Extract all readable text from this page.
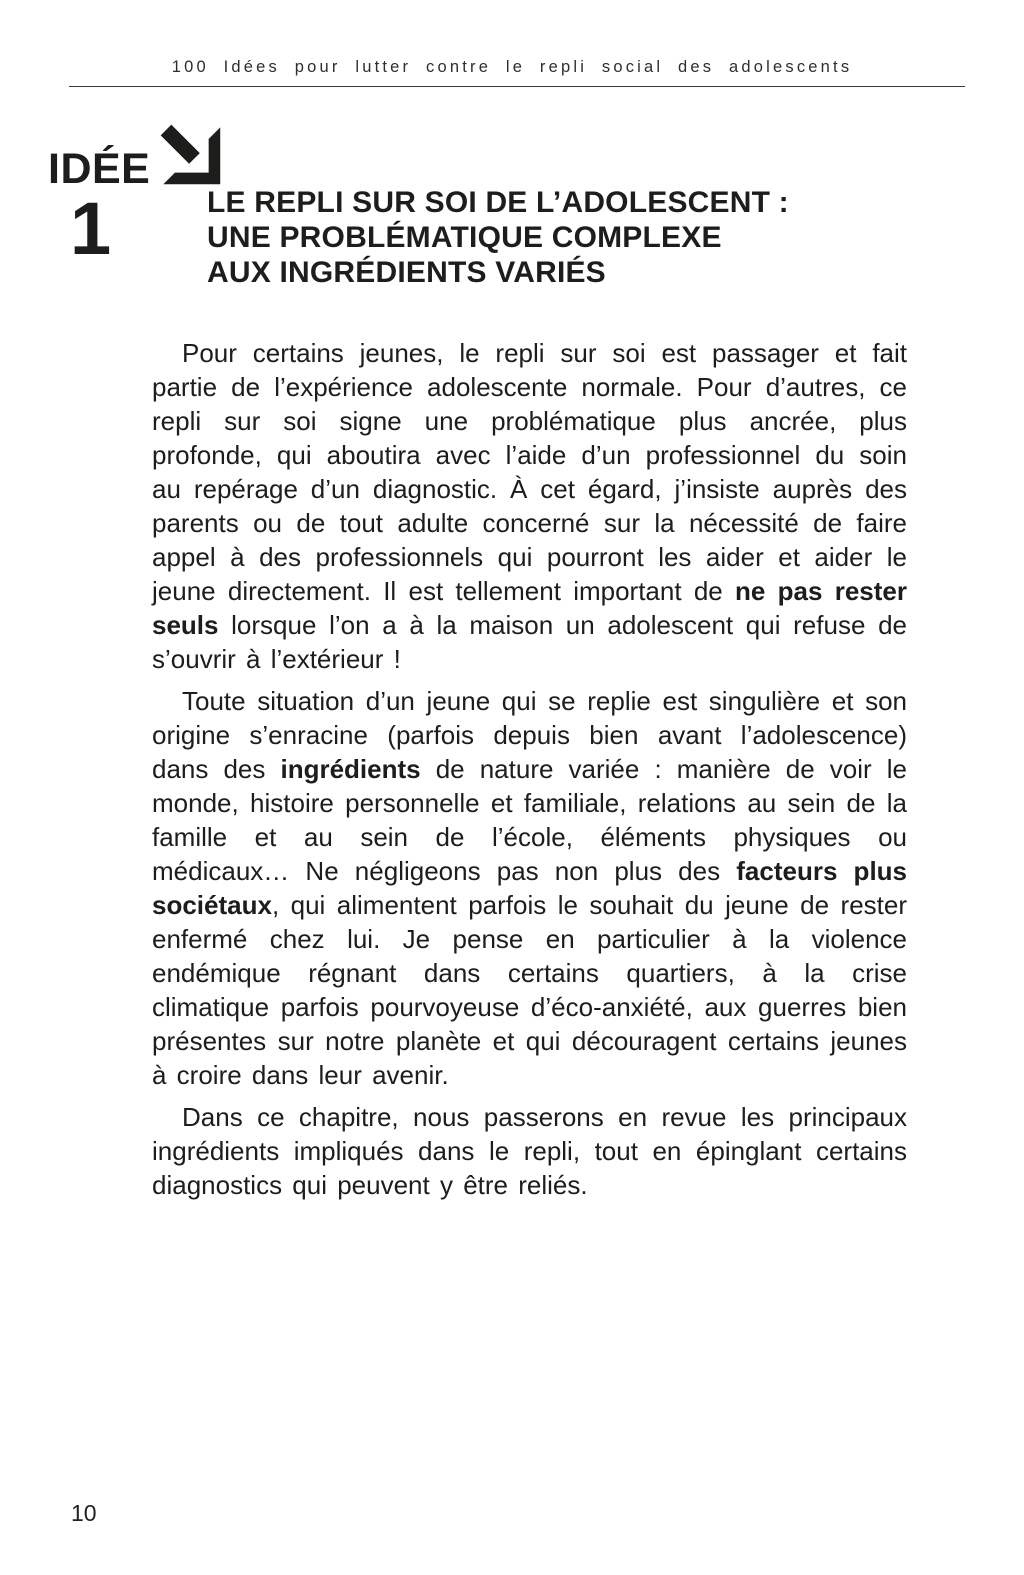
100 Idées pour lutter contre le repli social des adolescents
IDÉE
1	LE REPLI SUR SOI DE L’ADOLESCENT :
UNE PROBLÉMATIQUE COMPLEXE
AUX INGRÉDIENTS VARIÉS

Pour certains jeunes, le repli sur soi est passager et fait partie de l’expérience adolescente normale. Pour d’autres, ce repli sur soi signe une problématique plus ancrée, plus profonde, qui aboutira avec l’aide d’un professionnel du soin au repérage d’un diagnostic. À cet égard, j’insiste auprès des parents ou de tout adulte concerné sur la nécessité de faire appel à des professionnels qui pourront les aider et aider le jeune directement. Il est tellement important de ne pas rester seuls lorsque l’on a à la maison un adolescent qui refuse de s’ouvrir à l’extérieur !

Toute situation d’un jeune qui se replie est singulière et son origine s’enracine (parfois depuis bien avant l’adolescence) dans des ingrédients de nature variée : manière de voir le monde, histoire personnelle et familiale, relations au sein de la famille et au sein de l’école, éléments physiques ou médicaux… Ne négligeons pas non plus des facteurs plus sociétaux, qui alimentent parfois le souhait du jeune de rester enfermé chez lui. Je pense en particulier à la violence endémique régnant dans certains quartiers, à la crise climatique parfois pourvoyeuse d’éco-anxiété, aux guerres bien présentes sur notre planète et qui découragent certains jeunes à croire dans leur avenir.

Dans ce chapitre, nous passerons en revue les principaux ingrédients impliqués dans le repli, tout en épinglant certains diagnostics qui peuvent y être reliés.

10
